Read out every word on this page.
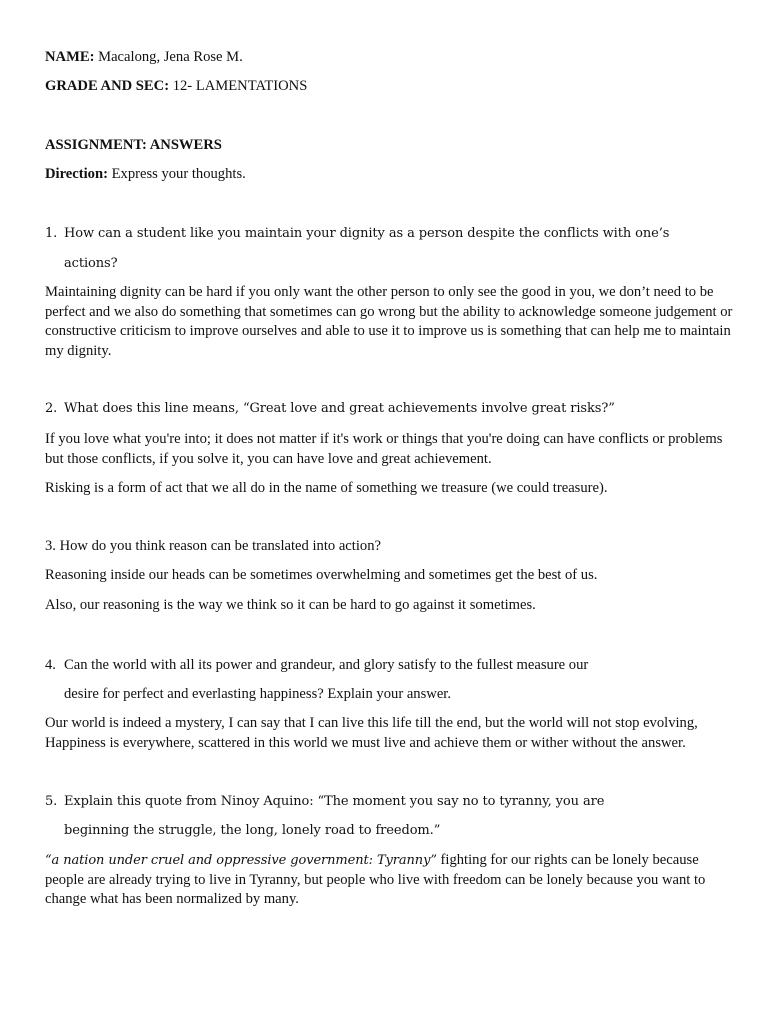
NAME: Macalong, Jena Rose M.
GRADE AND SEC: 12- LAMENTATIONS
ASSIGNMENT: ANSWERS
Direction: Express your thoughts.
1. How can a student like you maintain your dignity as a person despite the conflicts with one’s
actions?
Maintaining dignity can be hard if you only want the other person to only see the good in you, we don’t need to be perfect and we also do something that sometimes can go wrong but the ability to acknowledge someone judgement or constructive criticism to improve ourselves and able to use it to improve us is something that can help me to maintain my dignity.
2. What does this line means, “Great love and great achievements involve great risks?”
If you love what you're into; it does not matter if it's work or things that you're doing can have conflicts or problems but those conflicts, if you solve it, you can have love and great achievement.
Risking is a form of act that we all do in the name of something we treasure (we could treasure).
3. How do you think reason can be translated into action?
Reasoning inside our heads can be sometimes overwhelming and sometimes get the best of us.
Also, our reasoning is the way we think so it can be hard to go against it sometimes.
4. Can the world with all its power and grandeur, and glory satisfy to the fullest measure our
desire for perfect and everlasting happiness? Explain your answer.
Our world is indeed a mystery, I can say that I can live this life till the end, but the world will not stop evolving, Happiness is everywhere, scattered in this world we must live and achieve them or wither without the answer.
5. Explain this quote from Ninoy Aquino: “The moment you say no to tyranny, you are
beginning the struggle, the long, lonely road to freedom.”
“a nation under cruel and oppressive government: Tyranny” fighting for our rights can be lonely because people are already trying to live in Tyranny, but people who live with freedom can be lonely because you want to change what has been normalized by many.
